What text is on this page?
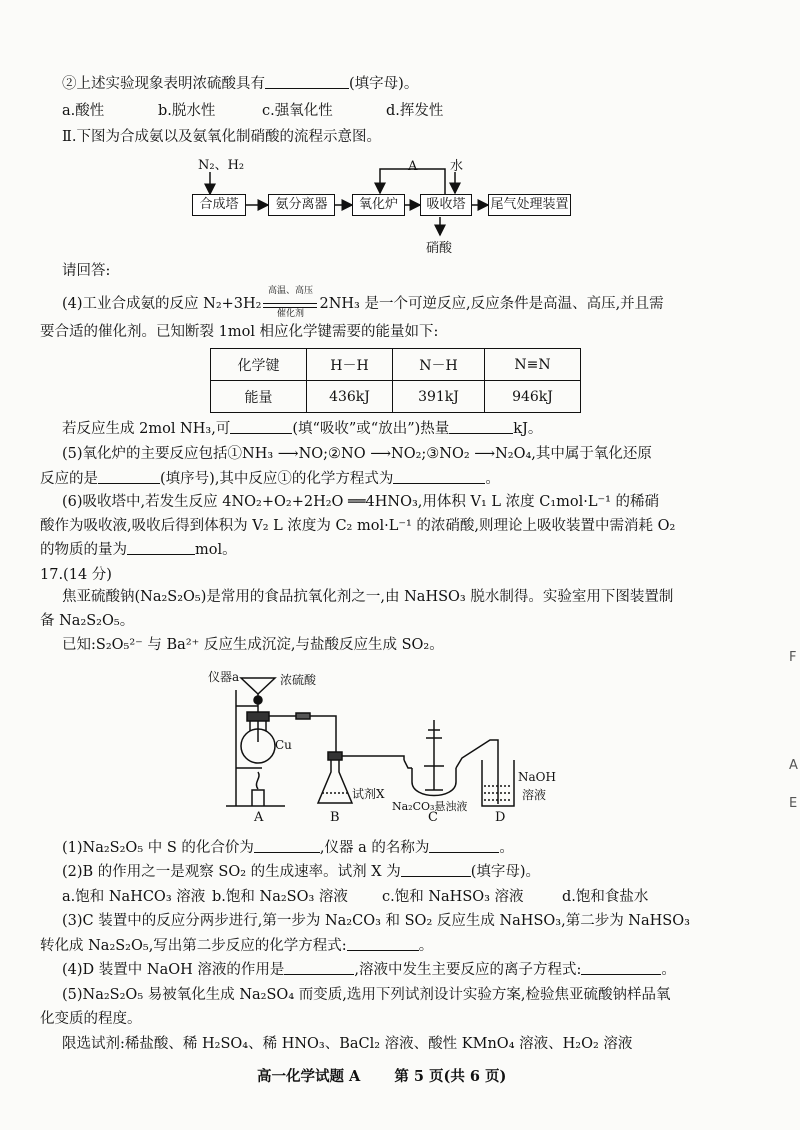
②上述实验现象表明浓硫酸具有	(填字母)。
a.酸性	b.脱水性	c.强氧化性	d.挥发性
Ⅱ.下图为合成氨以及氨氧化制硝酸的流程示意图。
N₂、H₂	A	水
硝酸
合成塔	氨分离器	氧化炉	吸收塔	尾气处理装置
请回答:
(4)工业合成氨的反应 N₂+3H₂
高温、高压
催化剂
2NH₃ 是一个可逆反应,反应条件是高温、高压,并且需
要合适的催化剂。已知断裂 1mol 相应化学键需要的能量如下:
化学键	H－H	N－H	N≡N
能量	436kJ	391kJ	946kJ
若反应生成 2mol NH₃,可	(填“吸收”或“放出”)热量	kJ。
(5)氧化炉的主要反应包括①NH₃ ⟶NO;②NO ⟶NO₂;③NO₂ ⟶N₂O₄,其中属于氧化还原
反应的是	(填序号),其中反应①的化学方程式为	。
(6)吸收塔中,若发生反应 4NO₂+O₂+2H₂O ══4HNO₃,用体积 V₁ L 浓度 C₁mol·L⁻¹ 的稀硝
酸作为吸收液,吸收后得到体积为 V₂ L 浓度为 C₂ mol·L⁻¹ 的浓硝酸,则理论上吸收装置中需消耗 O₂
的物质的量为	mol。
17.(14 分)
焦亚硫酸钠(Na₂S₂O₅)是常用的食品抗氧化剂之一,由 NaHSO₃ 脱水制得。实验室用下图装置制
备 Na₂S₂O₅。
已知:S₂O₅²⁻ 与 Ba²⁺ 反应生成沉淀,与盐酸反应生成 SO₂。
仪器a	浓硫酸
Cu
试剂X
Na₂CO₃悬浊液
NaOH
溶液
A	B	C	D
(1)Na₂S₂O₅ 中 S 的化合价为	,仪器 a 的名称为	。
(2)B 的作用之一是观察 SO₂ 的生成速率。试剂 X 为	(填字母)。
a.饱和 NaHCO₃ 溶液 b.饱和 Na₂SO₃ 溶液 c.饱和 NaHSO₃ 溶液	d.饱和食盐水
(3)C 装置中的反应分两步进行,第一步为 Na₂CO₃ 和 SO₂ 反应生成 NaHSO₃,第二步为 NaHSO₃
转化成 Na₂S₂O₅,写出第二步反应的化学方程式:	。
(4)D 装置中 NaOH 溶液的作用是	,溶液中发生主要反应的离子方程式:	。
(5)Na₂S₂O₅ 易被氧化生成 Na₂SO₄ 而变质,选用下列试剂设计实验方案,检验焦亚硫酸钠样品氧
化变质的程度。
限选试剂:稀盐酸、稀 H₂SO₄、稀 HNO₃、BaCl₂ 溶液、酸性 KMnO₄ 溶液、H₂O₂ 溶液
高一化学试题 A 第 5 页(共 6 页)
F
A
E
